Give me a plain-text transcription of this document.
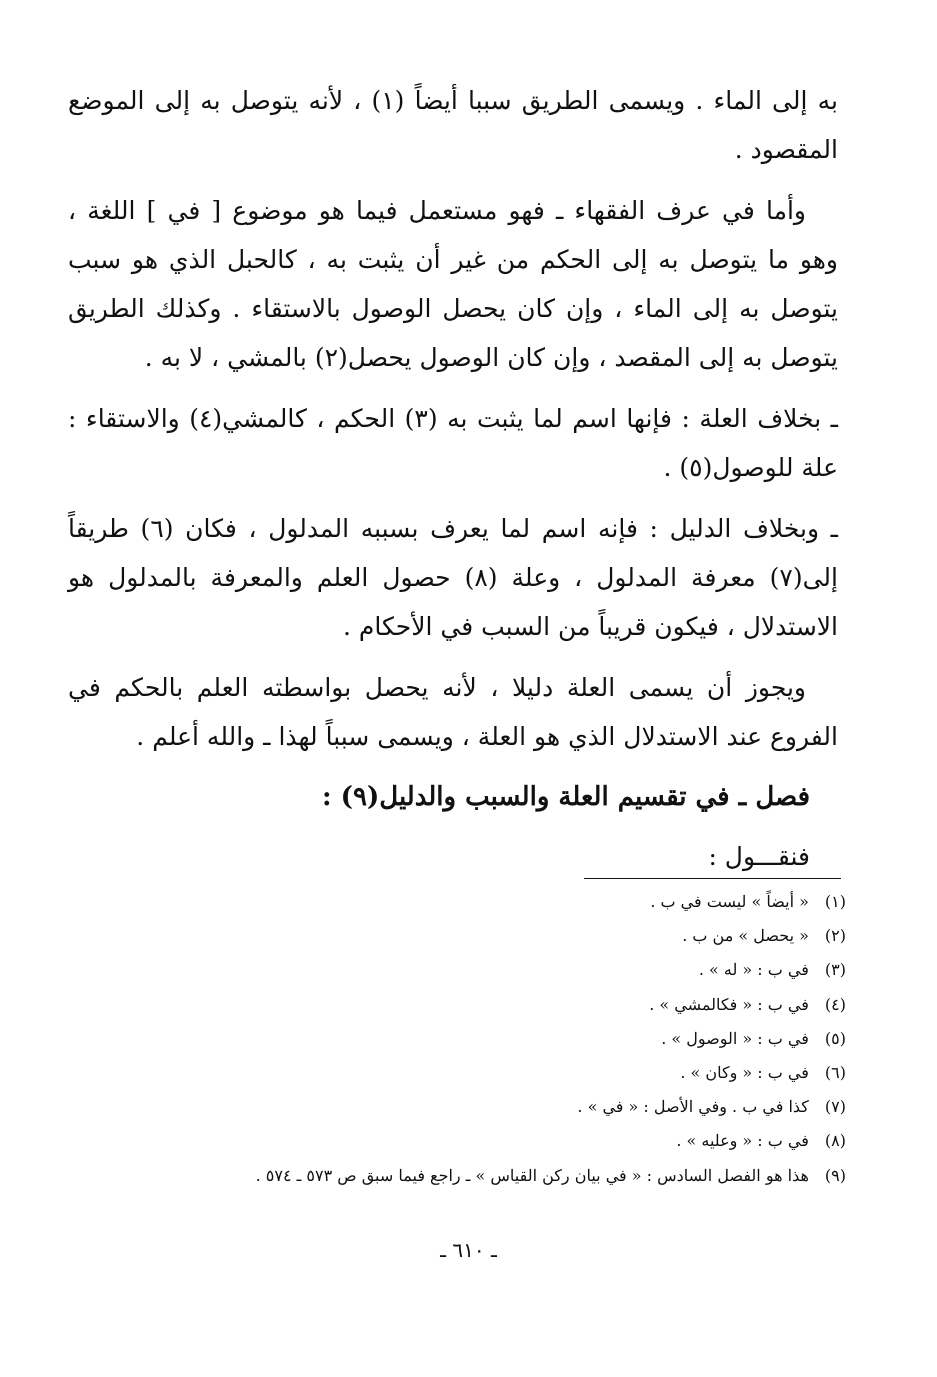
به إلى الماء . ويسمى الطريق سببا أيضاً (١) ، لأنه يتوصل به إلى الموضع المقصود .

وأما في عرف الفقهاء ـ فهو مستعمل فيما هو موضوع [ في ] اللغة ، وهو ما يتوصل به إلى الحكم من غير أن يثبت به ، كالحبل الذي هو سبب يتوصل به إلى الماء ، وإن كان يحصل الوصول بالاستقاء . وكذلك الطريق يتوصل به إلى المقصد ، وإن كان الوصول يحصل(٢) بالمشي ، لا به .

ـ بخلاف العلة : فإنها اسم لما يثبت به (٣) الحكم ، كالمشي(٤) والاستقاء : علة للوصول(٥) .

ـ وبخلاف الدليل : فإنه اسم لما يعرف بسببه المدلول ، فكان (٦) طريقاً إلى(٧) معرفة المدلول ، وعلة (٨) حصول العلم والمعرفة بالمدلول هو الاستدلال ، فيكون قريباً من السبب في الأحكام .

ويجوز أن يسمى العلة دليلا ، لأنه يحصل بواسطته العلم بالحكم في الفروع عند الاستدلال الذي هو العلة ، ويسمى سبباً لهذا ـ والله أعلم .

فصل ـ في تقسيم العلة والسبب والدليل(٩) :

فنقـــول :

(١) « أيضاً » ليست في ب .
(٢) « يحصل » من ب .
(٣) في ب : « له » .
(٤) في ب : « فكالمشي » .
(٥) في ب : « الوصول » .
(٦) في ب : « وكان » .
(٧) كذا في ب . وفي الأصل : « في » .
(٨) في ب : « وعليه » .
(٩) هذا هو الفصل السادس : « في بيان ركن القياس » ـ راجع فيما سبق ص ٥٧٣ ـ ٥٧٤ .
ـ ٦١٠ ـ
